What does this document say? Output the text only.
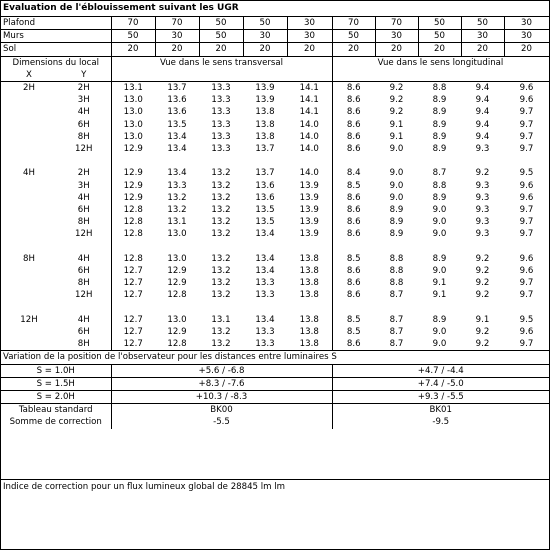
Evaluation de l'éblouissement suivant les UGR
Plafond		70	70	50	50	30	70	70	50	50	30
Murs		50	30	50	30	30	50	30	50	30	30
Sol		20	20	20	20	20	20	20	20	20	20
Dimensions du local		Vue dans le sens transversal					Vue dans le sens longitudinal				
X	Y										
2H	2H	13.1	13.7	13.3	13.9	14.1	8.6	9.2	8.8	9.4	9.6
	3H	13.0	13.6	13.3	13.9	14.1	8.6	9.2	8.9	9.4	9.6
	4H	13.0	13.6	13.3	13.8	14.1	8.6	9.2	8.9	9.4	9.7
	6H	13.0	13.5	13.3	13.8	14.0	8.6	9.1	8.9	9.4	9.7
	8H	13.0	13.4	13.3	13.8	14.0	8.6	9.1	8.9	9.4	9.7
	12H	12.9	13.4	13.3	13.7	14.0	8.6	9.0	8.9	9.3	9.7

4H	2H	12.9	13.4	13.2	13.7	14.0	8.4	9.0	8.7	9.2	9.5
	3H	12.9	13.3	13.2	13.6	13.9	8.5	9.0	8.8	9.3	9.6
	4H	12.9	13.2	13.2	13.6	13.9	8.6	9.0	8.9	9.3	9.6
	6H	12.8	13.2	13.2	13.5	13.9	8.6	8.9	9.0	9.3	9.7
	8H	12.8	13.1	13.2	13.5	13.9	8.6	8.9	9.0	9.3	9.7
	12H	12.8	13.0	13.2	13.4	13.9	8.6	8.9	9.0	9.3	9.7

8H	4H	12.8	13.0	13.2	13.4	13.8	8.5	8.8	8.9	9.2	9.6
	6H	12.7	12.9	13.2	13.4	13.8	8.6	8.8	9.0	9.2	9.6
	8H	12.7	12.9	13.2	13.3	13.8	8.6	8.8	9.1	9.2	9.7
	12H	12.7	12.8	13.2	13.3	13.8	8.6	8.7	9.1	9.2	9.7

12H	4H	12.7	13.0	13.1	13.4	13.8	8.5	8.7	8.9	9.1	9.5
	6H	12.7	12.9	13.2	13.3	13.8	8.5	8.7	9.0	9.2	9.6
	8H	12.7	12.8	13.2	13.3	13.8	8.6	8.7	9.0	9.2	9.7
Variation de la position de l'observateur pour les distances entre luminaires S											
S = 1.0H		+5.6 / -6.8					+4.7 / -4.4				
S = 1.5H		+8.3 / -7.6					+7.4 / -5.0				
S = 2.0H		+10.3 / -8.3					+9.3 / -5.5				
Tableau standard		BK00					BK01				
Somme de correction		-5.5					-9.5				
Indice de correction pour un flux lumineux global de 28845 lm lm
